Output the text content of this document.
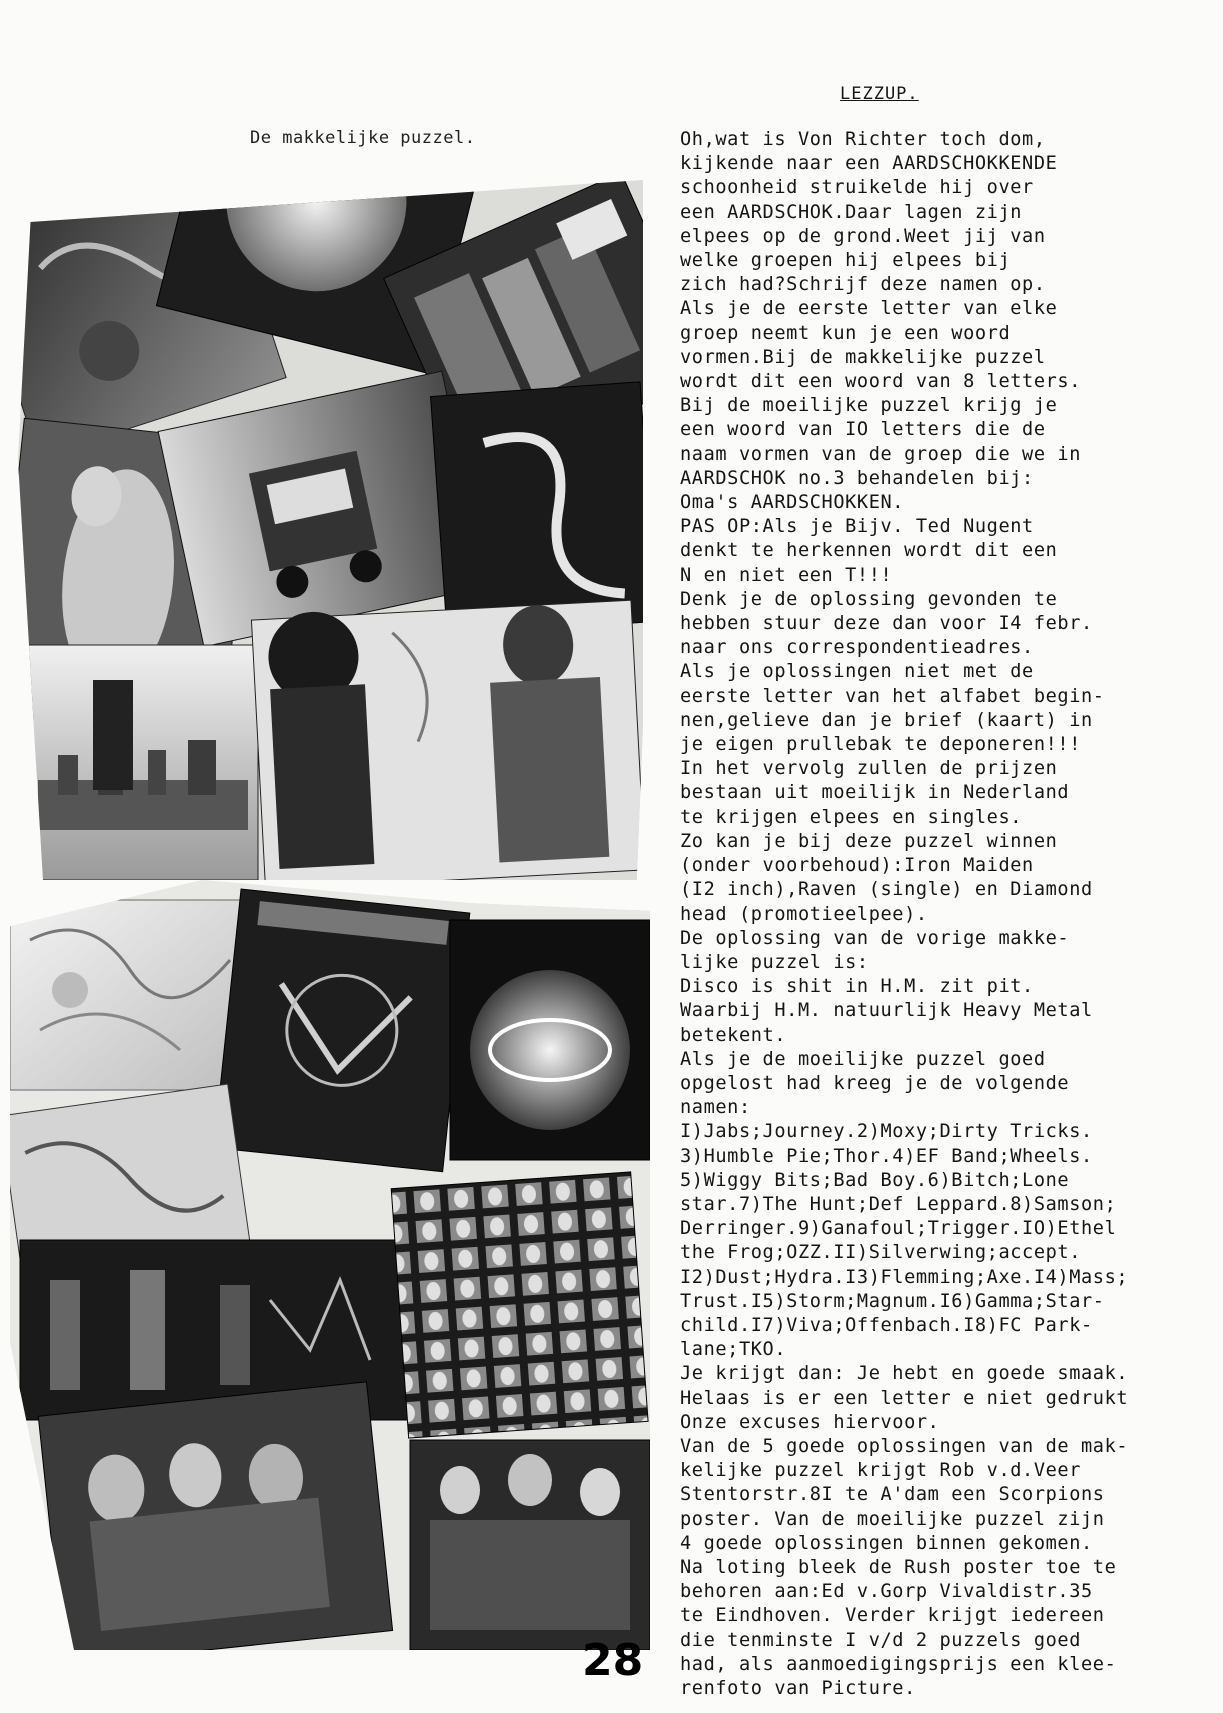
De makkelijke puzzel.
LEZZUP.

Oh,wat is Von Richter toch dom,

kijkende naar een AARDSCHOKKENDE

schoonheid struikelde hij over

een AARDSCHOK.Daar lagen zijn

elpees op de grond.Weet jij van

welke groepen hij elpees bij

zich had?Schrijf deze namen op.

Als je de eerste letter van elke

groep neemt kun je een woord

vormen.Bij de makkelijke puzzel

wordt dit een woord van 8 letters.

Bij de moeilijke puzzel krijg je

een woord van IO letters die de

naam vormen van de groep die we in

AARDSCHOK no.3 behandelen bij:

Oma's AARDSCHOKKEN.

PAS OP:Als je Bijv. Ted Nugent

denkt te herkennen wordt dit een

N en niet een T!!!

Denk je de oplossing gevonden te

hebben stuur deze dan voor I4 febr.

naar ons correspondentieadres.

Als je oplossingen niet met de

eerste letter van het alfabet begin-

nen,gelieve dan je brief (kaart) in

je eigen prullebak te deponeren!!!

In het vervolg zullen de prijzen

bestaan uit moeilijk in Nederland

te krijgen elpees en singles.

Zo kan je bij deze puzzel winnen

(onder voorbehoud):Iron Maiden

(I2 inch),Raven (single) en Diamond

head (promotieelpee).

De oplossing van de vorige makke-

lijke puzzel is:

Disco is shit in H.M. zit pit.

Waarbij H.M. natuurlijk Heavy Metal

betekent.

Als je de moeilijke puzzel goed

opgelost had kreeg je de volgende

namen:

I)Jabs;Journey.2)Moxy;Dirty Tricks.

3)Humble Pie;Thor.4)EF Band;Wheels.

5)Wiggy Bits;Bad Boy.6)Bitch;Lone

star.7)The Hunt;Def Leppard.8)Samson;

Derringer.9)Ganafoul;Trigger.IO)Ethel

the Frog;OZZ.II)Silverwing;accept.

I2)Dust;Hydra.I3)Flemming;Axe.I4)Mass;

Trust.I5)Storm;Magnum.I6)Gamma;Star-

child.I7)Viva;Offenbach.I8)FC Park-

lane;TKO.

Je krijgt dan: Je hebt en goede smaak.

Helaas is er een letter e niet gedrukt

Onze excuses hiervoor.

Van de 5 goede oplossingen van de mak-

kelijke puzzel krijgt Rob v.d.Veer

Stentorstr.8I te A'dam een Scorpions

poster. Van de moeilijke puzzel zijn

4 goede oplossingen binnen gekomen.

Na loting bleek de Rush poster toe te

behoren aan:Ed v.Gorp Vivaldistr.35

te Eindhoven. Verder krijgt iedereen

die tenminste I v/d 2 puzzels goed

had, als aanmoedigingsprijs een klee-

renfoto van Picture.

28
